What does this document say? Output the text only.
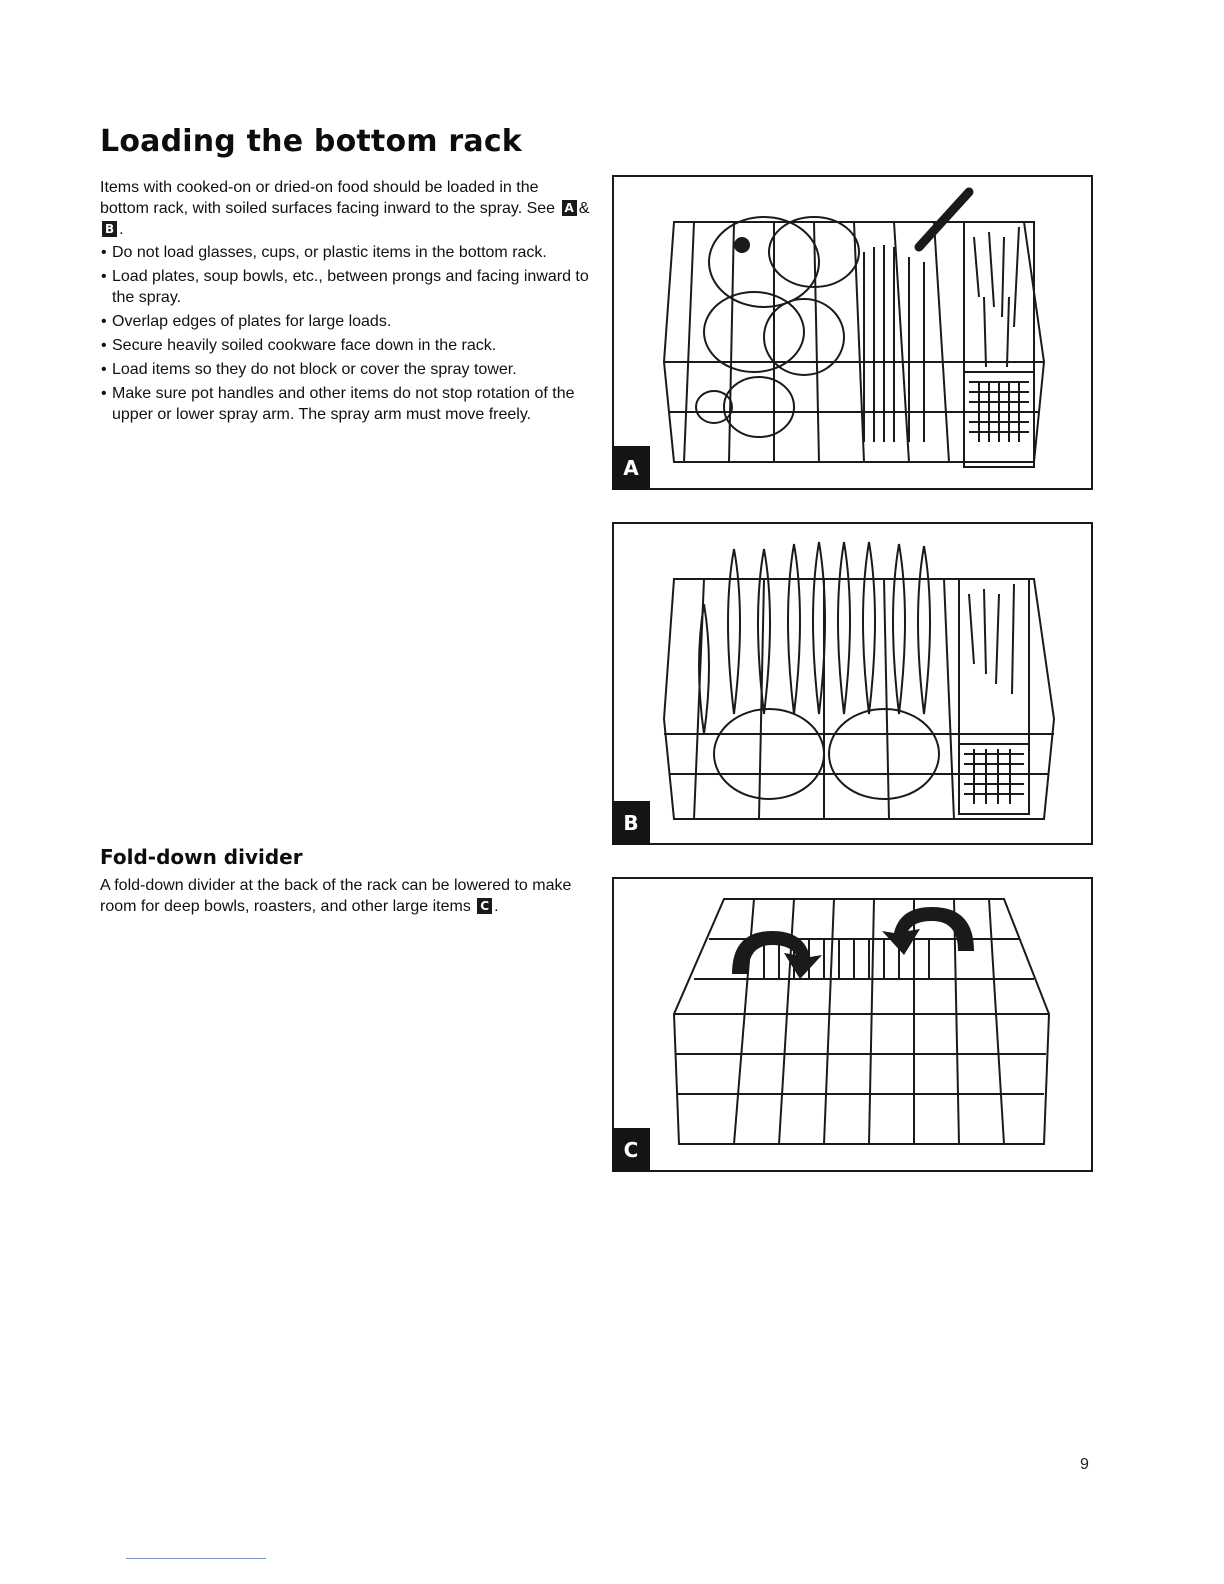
Loading the bottom rack

Items with cooked-on or dried-on food should be loaded in the bottom rack, with soiled surfaces facing inward to the spray. See A & B .

• Do not load glasses, cups, or plastic items in the bottom rack.
• Load plates, soup bowls, etc., between prongs and facing inward to the spray.
• Overlap edges of plates for large loads.
• Secure heavily soiled cookware face down in the rack.
• Load items so they do not block or cover the spray tower.
• Make sure pot handles and other items do not stop rotation of the upper or lower spray arm. The spray arm must move freely.
Fold-down divider
A fold-down divider at the back of the rack can be lowered to make room for deep bowls, roasters, and other large items C .
A
B
C
9
